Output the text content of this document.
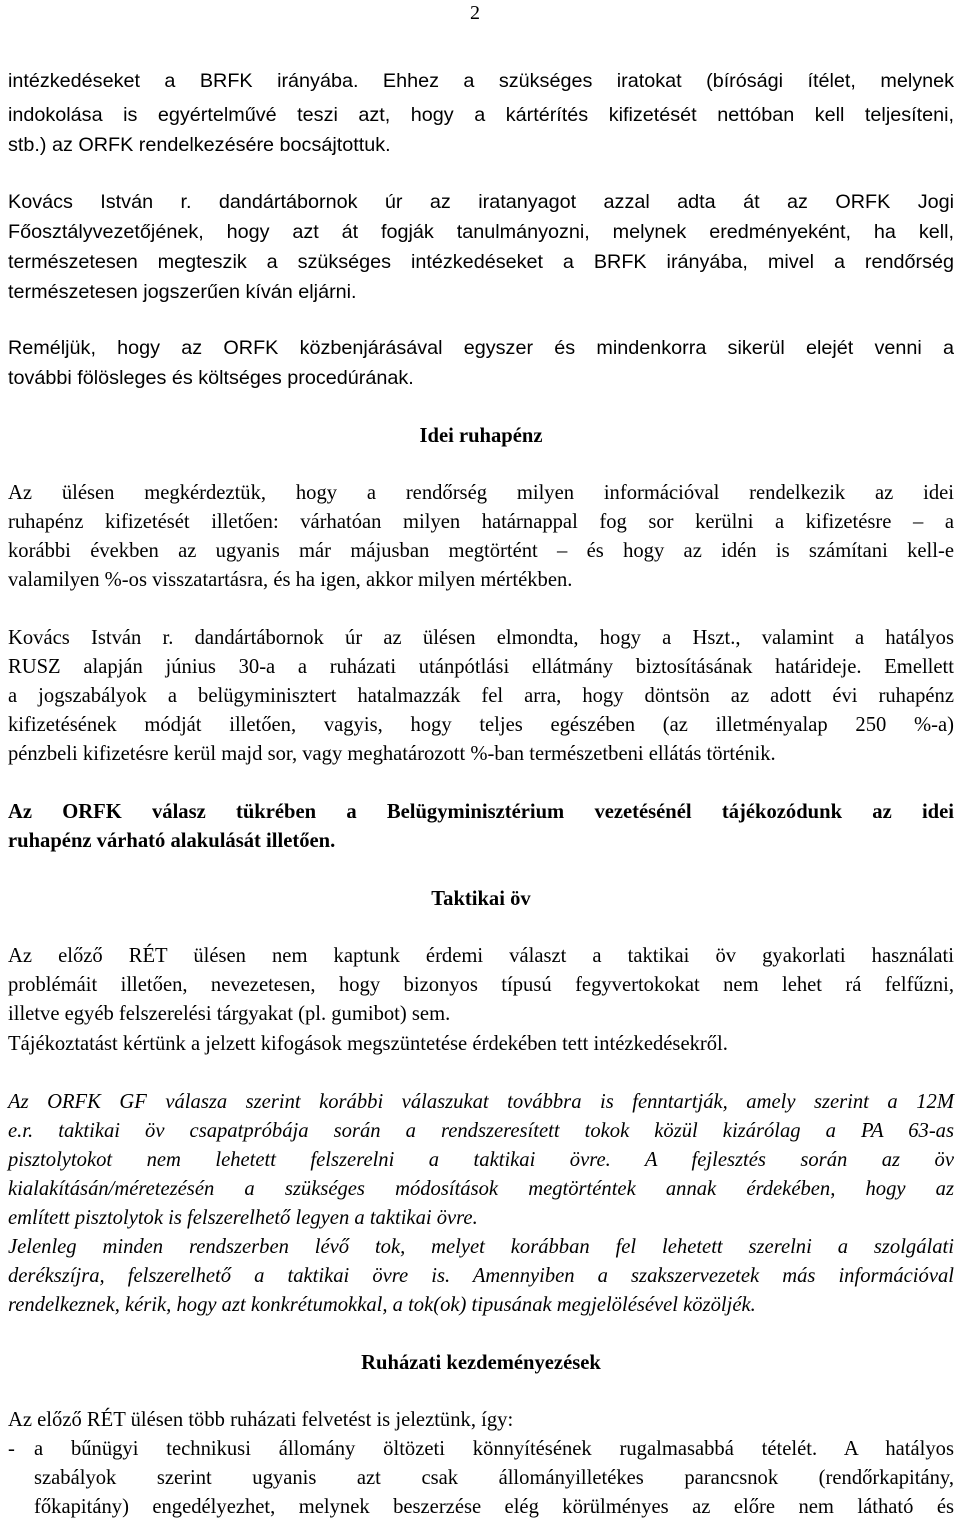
2
intézkedéseket a BRFK irányába. Ehhez a szükséges iratokat (bírósági ítélet, melynek
indokolása is egyértelművé teszi azt, hogy a kártérítés kifizetését nettóban kell teljesíteni,
stb.) az ORFK rendelkezésére bocsájtottuk.
Kovács István r. dandártábornok úr az iratanyagot azzal adta át az ORFK Jogi
Főosztályvezetőjének, hogy azt át fogják tanulmányozni, melynek eredményeként, ha kell,
természetesen megteszik a szükséges intézkedéseket a BRFK irányába, mivel a rendőrség
természetesen jogszerűen kíván eljárni.
Reméljük, hogy az ORFK közbenjárásával egyszer és mindenkorra sikerül elejét venni a
további fölösleges és költséges procedúrának.
Idei ruhapénz
Az ülésen megkérdeztük, hogy a rendőrség milyen információval rendelkezik az idei
ruhapénz kifizetését illetően: várhatóan milyen határnappal fog sor kerülni a kifizetésre – a
korábbi években az ugyanis már májusban megtörtént – és hogy az idén is számítani kell-e
valamilyen %-os visszatartásra, és ha igen, akkor milyen mértékben.
Kovács István r. dandártábornok úr az ülésen elmondta, hogy a Hszt., valamint a hatályos
RUSZ alapján június 30-a a ruházati utánpótlási ellátmány biztosításának határideje. Emellett
a jogszabályok a belügyminisztert hatalmazzák fel arra, hogy döntsön az adott évi ruhapénz
kifizetésének módját illetően, vagyis, hogy teljes egészében (az illetményalap 250 %-a)
pénzbeli kifizetésre kerül majd sor, vagy meghatározott %-ban természetbeni ellátás történik.
Az ORFK válasz tükrében a Belügyminisztérium vezetésénél tájékozódunk az idei
ruhapénz várható alakulását illetően.
Taktikai öv
Az előző RÉT ülésen nem kaptunk érdemi választ a taktikai öv gyakorlati használati
problémáit illetően, nevezetesen, hogy bizonyos típusú fegyvertokokat nem lehet rá felfűzni,
illetve egyéb felszerelési tárgyakat (pl. gumibot) sem.
Tájékoztatást kértünk a jelzett kifogások megszüntetése érdekében tett intézkedésekről.
Az ORFK GF válasza szerint korábbi válaszukat továbbra is fenntartják, amely szerint a 12M
e.r. taktikai öv csapatpróbája során a rendszeresített tokok közül kizárólag a PA 63-as
pisztolytokot nem lehetett felszerelni a taktikai övre. A fejlesztés során az öv
kialakításán/méretezésén a szükséges módosítások megtörténtek annak érdekében, hogy az
említett pisztolytok is felszerelhető legyen a taktikai övre.
Jelenleg minden rendszerben lévő tok, melyet korábban fel lehetett szerelni a szolgálati
derékszíjra, felszerelhető a taktikai övre is. Amennyiben a szakszervezetek más információval
rendelkeznek, kérik, hogy azt konkrétumokkal, a tok(ok) tipusának megjelölésével közöljék.
Ruházati kezdeményezések
Az előző RÉT ülésen több ruházati felvetést is jeleztünk, így:
- a bűnügyi technikusi állomány öltözeti könnyítésének rugalmasabbá tételét. A hatályos
szabályok szerint ugyanis azt csak állományilletékes parancsnok (rendőrkapitány,
főkapitány) engedélyezhet, melynek beszerzése elég körülményes az előre nem látható és
